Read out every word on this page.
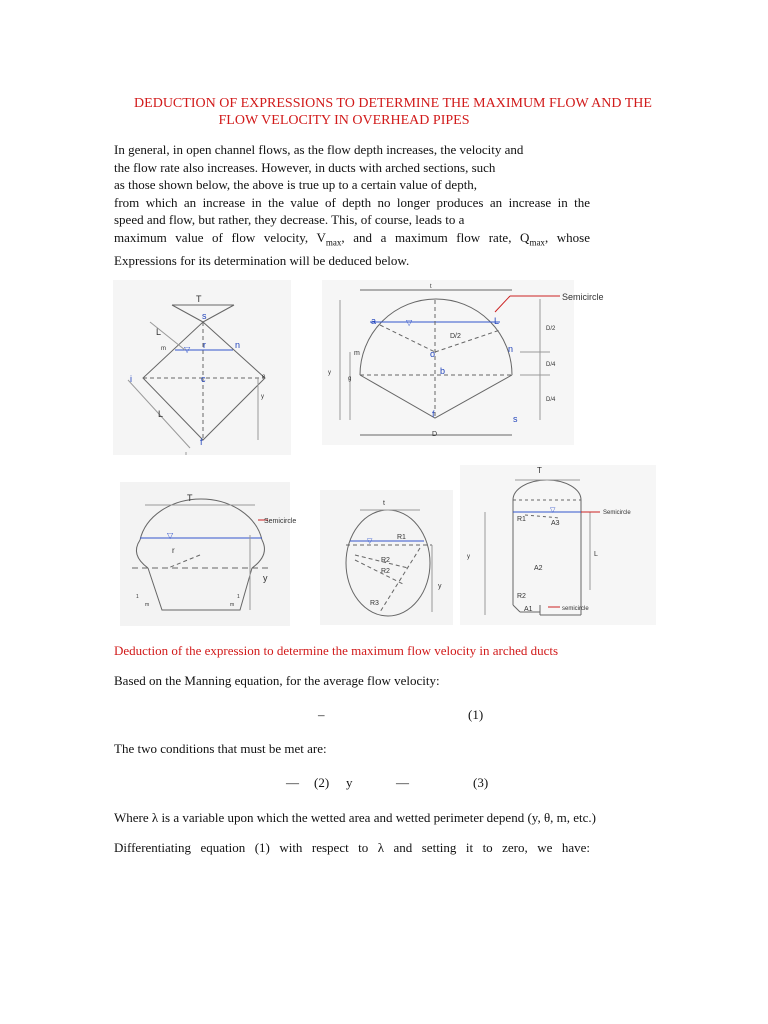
DEDUCTION OF EXPRESSIONS TO DETERMINE THE MAXIMUM FLOW AND THE
FLOW VELOCITY IN OVERHEAD PIPES
In general, in open channel flows, as the flow depth increases, the velocity and
the flow rate also increases. However, in ducts with arched sections, such
as those shown below, the above is true up to a certain value of depth,
from which an increase in the value of depth no longer produces an increase in the
speed and flow, but rather, they decrease. This, of course, leads to a
maximum value of flow velocity, $V_{max}$, and a maximum flow rate, $Q_{max}$, whose
Expressions for its determination will be deduced below.
T
s
L
m	r	n
i	c	e
y
L
f
▽
t
Semicircle
a	L
D/2
D/2
o
m	n
D/4
y
g
b
D/4
f	s
D
▽
T
Semicircle
r
y
m
1
m
1
▽
t
R1
R2
R2
y
R3
▽
T
R1
A3
Semicircle
y
A2
L
R2
A1	semicircle
▽
Deduction of the expression to determine the maximum flow velocity in arched ducts
Based on the Manning equation, for the average flow velocity:
–	(1)
The two conditions that must be met are:
— (2) y	—	(3)
Where λ is a variable upon which the wetted area and wetted perimeter depend (y, θ, m, etc.)
Differentiating equation (1) with respect to λ and setting it to zero, we have:
